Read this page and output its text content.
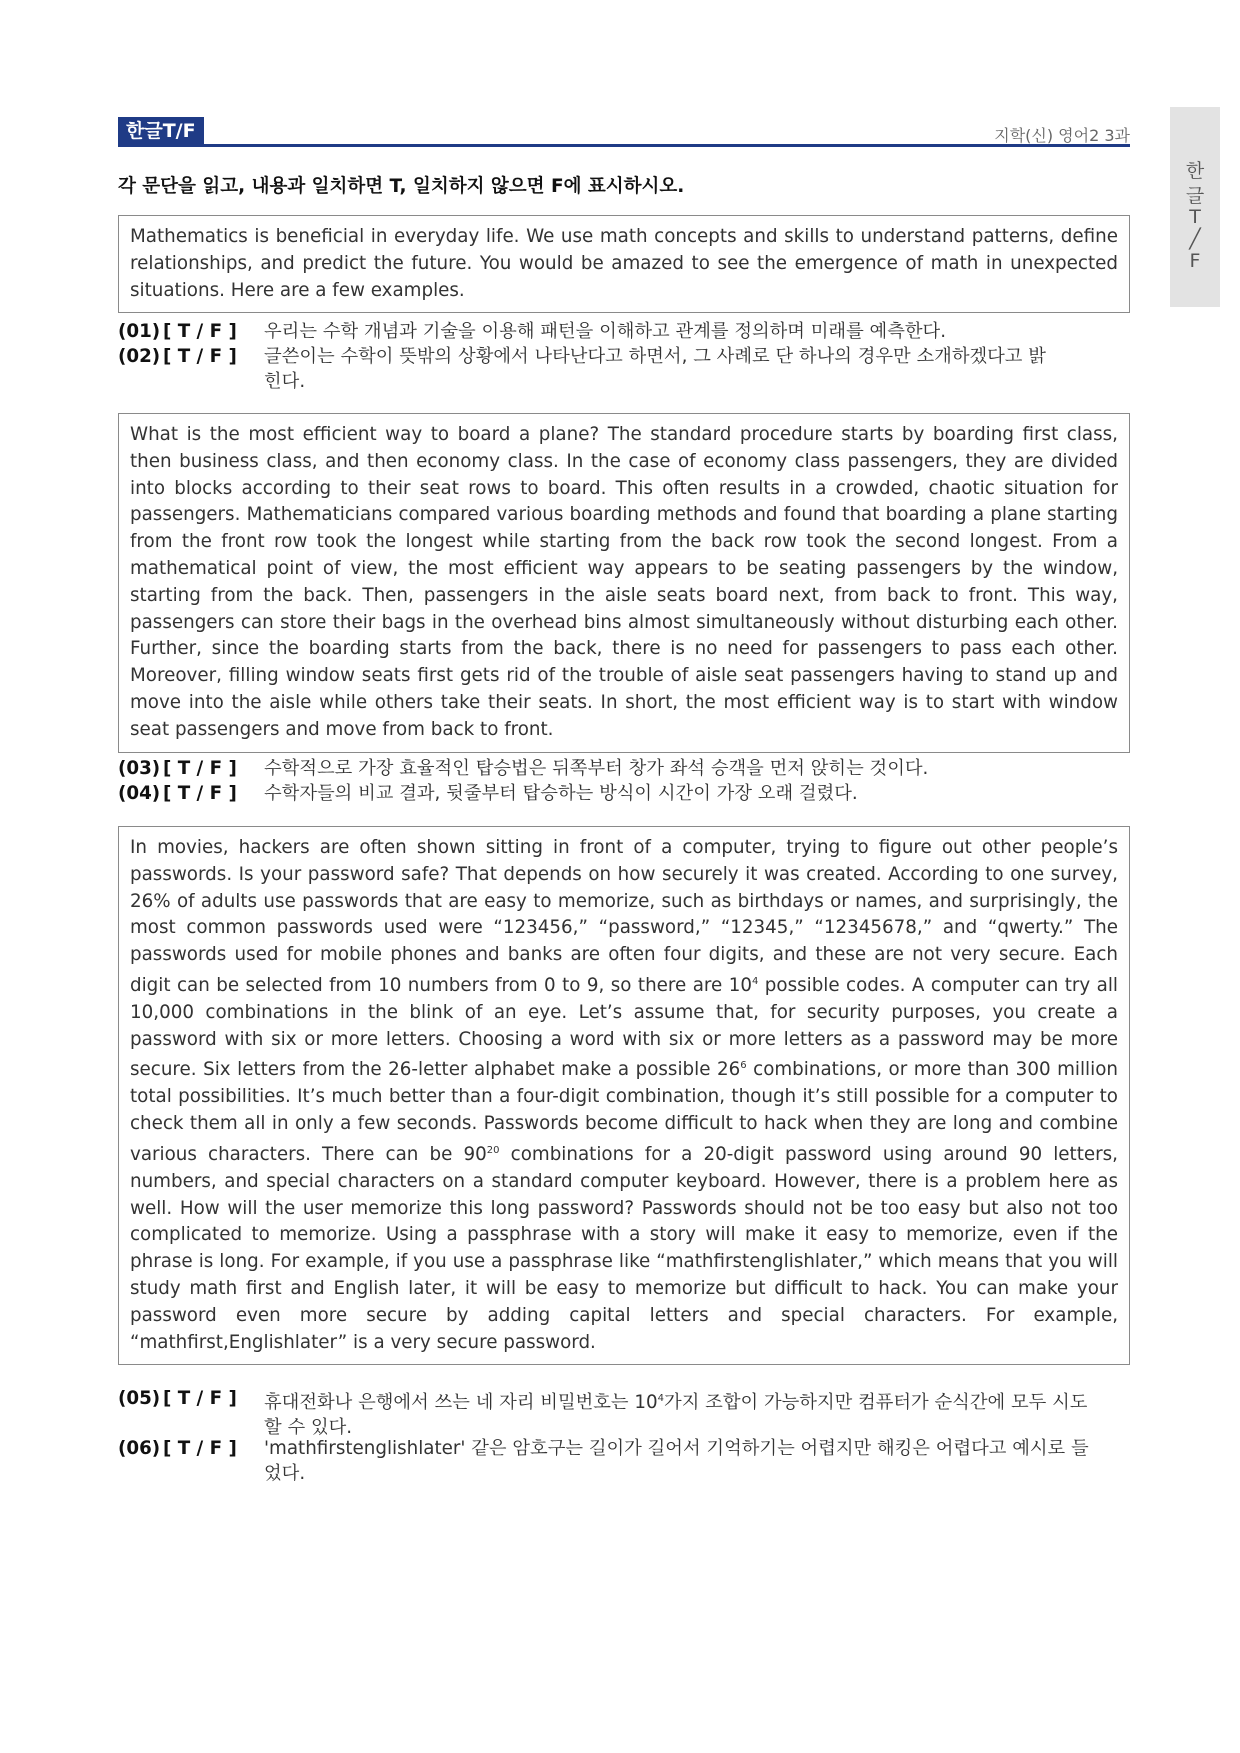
한글T/F	지학(신) 영어2 3과
한
글
T
╱
F
각 문단을 읽고, 내용과 일치하면 T, 일치하지 않으면 F에 표시하시오.
Mathematics is beneficial in everyday life. We use math concepts and skills to understand patterns, define relationships, and predict the future. You would be amazed to see the emergence of math in unexpected situations. Here are a few examples.
(01) [ T / F ] 우리는 수학 개념과 기술을 이용해 패턴을 이해하고 관계를 정의하며 미래를 예측한다.
(02) [ T / F ] 글쓴이는 수학이 뜻밖의 상황에서 나타난다고 하면서, 그 사례로 단 하나의 경우만 소개하겠다고 밝힌다.
What is the most efficient way to board a plane? The standard procedure starts by boarding first class, then business class, and then economy class. In the case of economy class passengers, they are divided into blocks according to their seat rows to board. This often results in a crowded, chaotic situation for passengers. Mathematicians compared various boarding methods and found that boarding a plane starting from the front row took the longest while starting from the back row took the second longest. From a mathematical point of view, the most efficient way appears to be seating passengers by the window, starting from the back. Then, passengers in the aisle seats board next, from back to front. This way, passengers can store their bags in the overhead bins almost simultaneously without disturbing each other. Further, since the boarding starts from the back, there is no need for passengers to pass each other. Moreover, filling window seats first gets rid of the trouble of aisle seat passengers having to stand up and move into the aisle while others take their seats. In short, the most efficient way is to start with window seat passengers and move from back to front.
(03) [ T / F ] 수학적으로 가장 효율적인 탑승법은 뒤쪽부터 창가 좌석 승객을 먼저 앉히는 것이다.
(04) [ T / F ] 수학자들의 비교 결과, 뒷줄부터 탑승하는 방식이 시간이 가장 오래 걸렸다.
In movies, hackers are often shown sitting in front of a computer, trying to figure out other people’s passwords. Is your password safe? That depends on how securely it was created. According to one survey, 26% of adults use passwords that are easy to memorize, such as birthdays or names, and surprisingly, the most common passwords used were “123456,” “password,” “12345,” “12345678,” and “qwerty.” The passwords used for mobile phones and banks are often four digits, and these are not very secure. Each digit can be selected from 10 numbers from 0 to 9, so there are $10^4$ possible codes. A computer can try all 10,000 combinations in the blink of an eye. Let’s assume that, for security purposes, you create a password with six or more letters. Choosing a word with six or more letters as a password may be more secure. Six letters from the 26-letter alphabet make a possible $26^6$ combinations, or more than 300 million total possibilities. It’s much better than a four-digit combination, though it’s still possible for a computer to check them all in only a few seconds. Passwords become difficult to hack when they are long and combine various characters. There can be $90^{20}$ combinations for a 20-digit password using around 90 letters, numbers, and special characters on a standard computer keyboard. However, there is a problem here as well. How will the user memorize this long password? Passwords should not be too easy but also not too complicated to memorize. Using a passphrase with a story will make it easy to memorize, even if the phrase is long. For example, if you use a passphrase like “mathfirstenglishlater,” which means that you will study math first and English later, it will be easy to memorize but difficult to hack. You can make your password even more secure by adding capital letters and special characters. For example, “mathfirst,Englishlater” is a very secure password.
(05) [ T / F ] 휴대전화나 은행에서 쓰는 네 자리 비밀번호는 $10^4$가지 조합이 가능하지만 컴퓨터가 순식간에 모두 시도할 수 있다.
(06) [ T / F ] 'mathfirstenglishlater' 같은 암호구는 길이가 길어서 기억하기는 어렵지만 해킹은 어렵다고 예시로 들었다.
